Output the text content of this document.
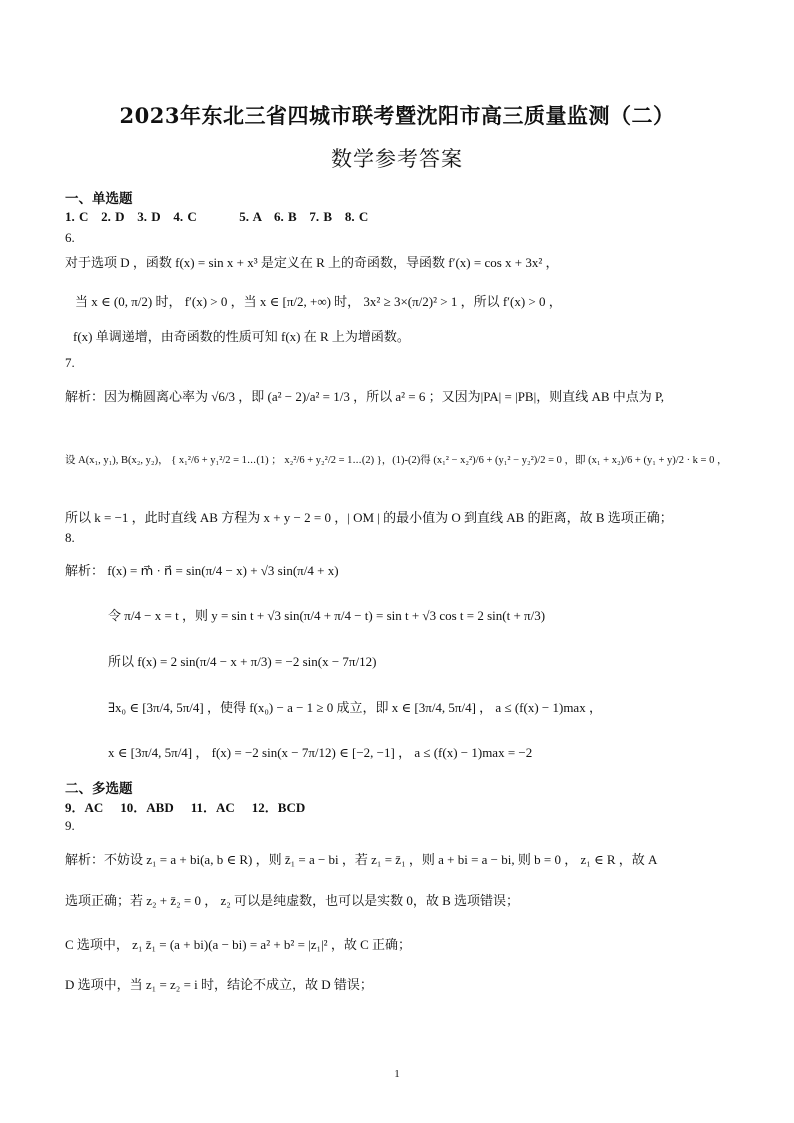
2023年东北三省四城市联考暨沈阳市高三质量监测（二）
数学参考答案
一、单选题
1. C   2. D   3. D   4. C          5. A   6. B   7. B   8. C
6.
对于选项 D ，函数 f(x) = sin x + x³ 是定义在 R 上的奇函数，导函数 f′(x) = cos x + 3x² ，
当 x ∈ (0, π/2) 时， f′(x) > 0 ，当 x ∈ [π/2, +∞) 时， 3x² ≥ 3×(π/2)² > 1 ，所以 f′(x) > 0 ，
f(x) 单调递增，由奇函数的性质可知 f(x) 在 R 上为增函数。
7.
解析：因为椭圆离心率为 √6/3 ，即 (a² − 2)/a² = 1/3 ，所以 a² = 6 ；又因为|PA| = |PB|，则直线 AB 中点为 P,
设 A(x₁, y₁), B(x₂, y₂)， { x₁²/6 + y₁²/2 = 1⋯(1) ； x₂²/6 + y₂²/2 = 1⋯(2) }，(1)-(2)得 (x₁² − x₂²)/6 + (y₁² − y₂²)/2 = 0 ，即 (x₁ + x₂)/6 + (y₁ + y)/2 · k = 0 ，
所以 k = −1 ，此时直线 AB 方程为 x + y − 2 = 0 ，| OM | 的最小值为 O 到直线 AB 的距离，故 B 选项正确；
8.
解析： f(x) = m⃗ · n⃗ = sin(π/4 − x) + √3 sin(π/4 + x)
令 π/4 − x = t ，则 y = sin t + √3 sin(π/4 + π/4 − t) = sin t + √3 cos t = 2 sin(t + π/3)
所以 f(x) = 2 sin(π/4 − x + π/3) = −2 sin(x − 7π/12)
∃x₀ ∈ [3π/4, 5π/4] ，使得 f(x₀) − a − 1 ≥ 0 成立，即 x ∈ [3π/4, 5π/4] ， a ≤ (f(x) − 1)max ，
x ∈ [3π/4, 5π/4] ， f(x) = −2 sin(x − 7π/12) ∈ [−2, −1] ， a ≤ (f(x) − 1)max = −2
二、多选题
9．AC    10．ABD    11．AC    12．BCD
9.
解析：不妨设 z₁ = a + bi(a, b ∈ R) ，则 z̄₁ = a − bi ，若 z₁ = z̄₁ ，则 a + bi = a − bi, 则 b = 0 ， z₁ ∈ R ，故 A
选项正确；若 z₂ + z̄₂ = 0 ， z₂ 可以是纯虚数，也可以是实数 0，故 B 选项错误；
C 选项中， z₁ z̄₁ = (a + bi)(a − bi) = a² + b² = |z₁|² ，故 C 正确；
D 选项中，当 z₁ = z₂ = i 时，结论不成立，故 D 错误；
1
